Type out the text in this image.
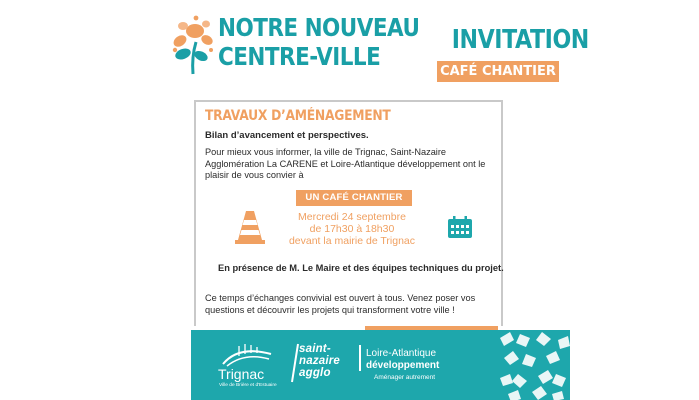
NOTRE NOUVEAU
CENTRE-VILLE
INVITATION
CAFÉ CHANTIER
TRAVAUX D’AMÉNAGEMENT
Bilan d’avancement et perspectives.
Pour mieux vous informer, la ville de Trignac, Saint-Nazaire Agglomération La CARENE et Loire-Atlantique développement ont le plaisir de vous convier à
UN CAFÉ CHANTIER
Mercredi 24 septembre
de 17h30 à 18h30
devant la mairie de Trignac
En présence de M. Le Maire et des équipes techniques du projet.
Ce temps d’échanges convivial est ouvert à tous. Venez poser vos questions et découvrir les projets qui transforment votre ville !
Trignac
Ville de Brière et d'Estuaire
saint-
nazaire
agglo
Loire-Atlantique
développement
Aménager autrement
